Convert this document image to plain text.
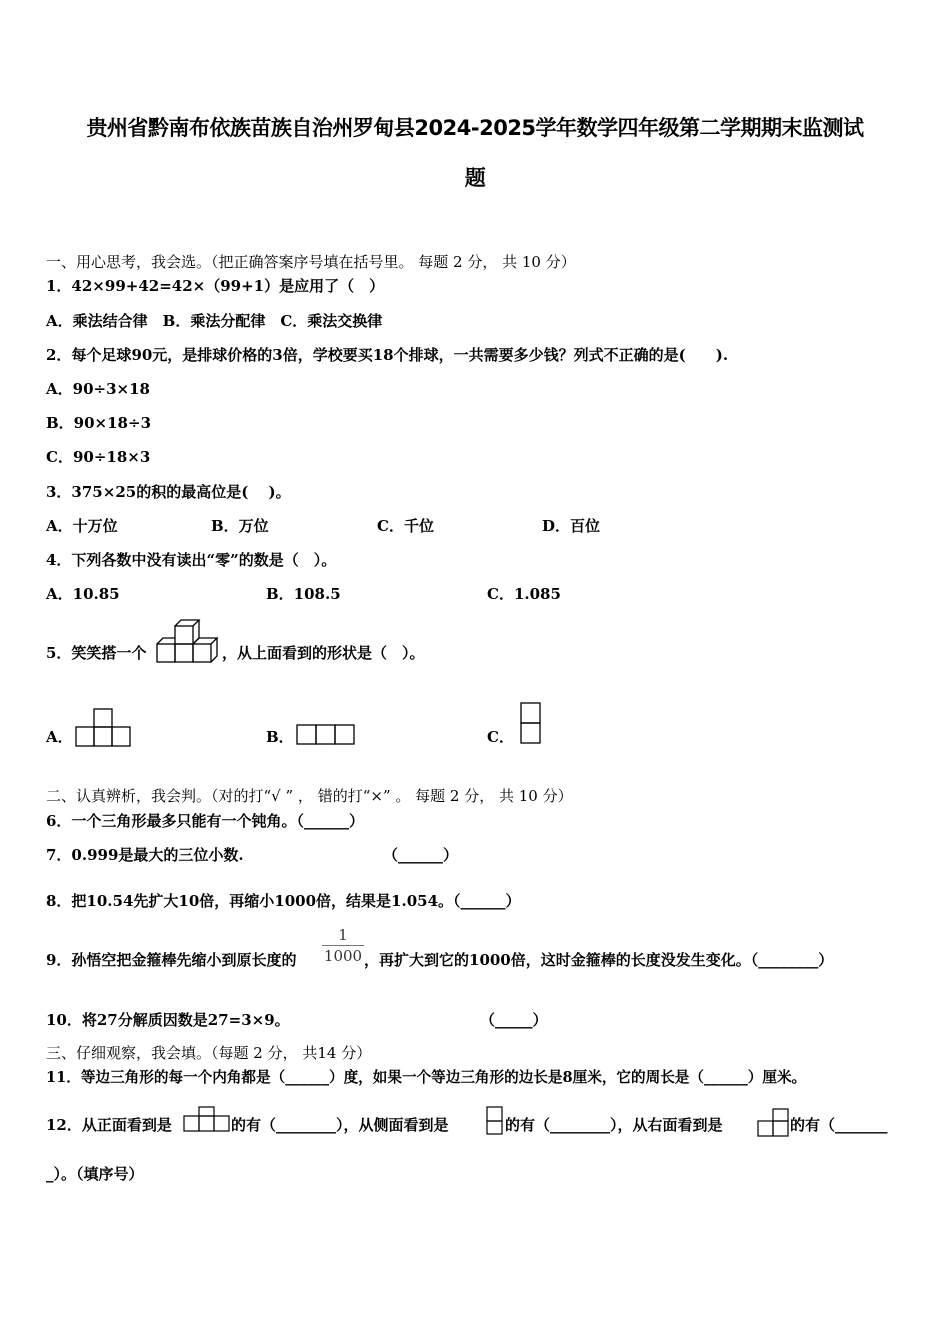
贵州省黔南布依族苗族自治州罗甸县2024-2025学年数学四年级第二学期期末监测试
题
一、用心思考，我会选。（把正确答案序号填在括号里。 每题 2 分， 共 10 分）
1．42×99+42=42×（99+1）是应用了（　）
A．乘法结合律　B．乘法分配律　C．乘法交换律
2．每个足球90元，是排球价格的3倍，学校要买18个排球，一共需要多少钱？列式不正确的是(　　).
A．90÷3×18
B．90×18÷3
C．90÷18×3
3．375×25的积的最高位是(　 )。
A．十万位	B．万位	C．千位	D．百位
4．下列各数中没有读出“零”的数是（　）。
A．10.85	B．108.5	C．1.085
5．笑笑搭一个	，从上面看到的形状是（　）。
A．	B．	C．
二、认真辨析，我会判。（对的打“√ ” ， 错的打“×” 。 每题 2 分， 共 10 分）
6．一个三角形最多只能有一个钝角。（______）
7．0.999是最大的三位小数.	（______）
8．把10.54先扩大10倍，再缩小1000倍，结果是1.054。（______）
9．孙悟空把金箍棒先缩小到原长度的 $\frac{1}{1000}$ ，再扩大到它的1000倍，这时金箍棒的长度没发生变化。（________）
10．将27分解质因数是27=3×9。	（_____）
三、仔细观察，我会填。（每题 2 分， 共14 分）
11．等边三角形的每一个内角都是（______）度，如果一个等边三角形的边长是8厘米，它的周长是（______）厘米。
12．从正面看到是	的有（________），从侧面看到是	的有（________），从右面看到是	的有（_______
_）。（填序号）
